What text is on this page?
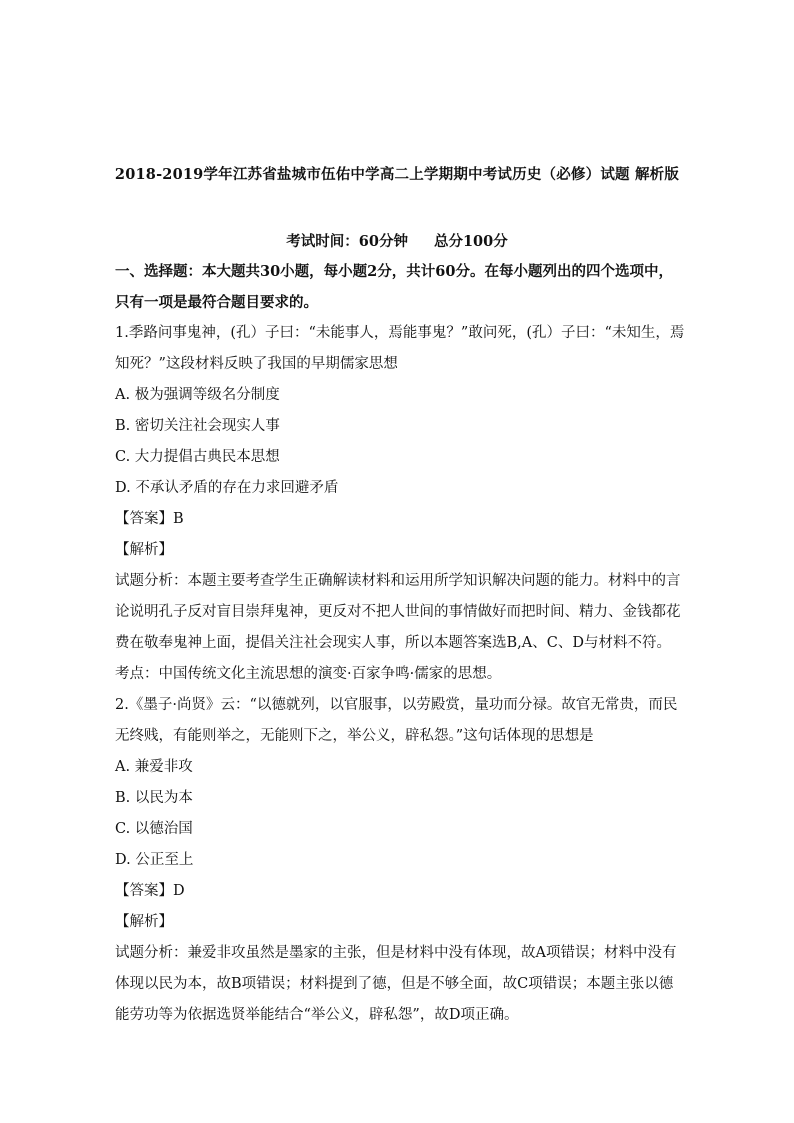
2018-2019学年江苏省盐城市伍佑中学高二上学期期中考试历史（必修）试题 解析版
考试时间：60分钟 总分100分

一、选择题：本大题共30小题，每小题2分，共计60分。在每小题列出的四个选项中，只有一项是最符合题目要求的。

1.季路问事鬼神，(孔）子曰：“未能事人，焉能事鬼？”敢问死，(孔）子曰：“未知生，焉知死？”这段材料反映了我国的早期儒家思想

A. 极为强调等级名分制度

B. 密切关注社会现实人事

C. 大力提倡古典民本思想

D. 不承认矛盾的存在力求回避矛盾

【答案】B

【解析】

试题分析：本题主要考查学生正确解读材料和运用所学知识解决问题的能力。材料中的言论说明孔子反对盲目崇拜鬼神，更反对不把人世间的事情做好而把时间、精力、金钱都花费在敬奉鬼神上面，提倡关注社会现实人事，所以本题答案选B,A、C、D与材料不符。

考点：中国传统文化主流思想的演变·百家争鸣·儒家的思想。

2.《墨子·尚贤》云：“以德就列，以官服事，以劳殿赏，量功而分禄。故官无常贵，而民无终贱，有能则举之，无能则下之，举公义，辟私怨。”这句话体现的思想是

A. 兼爱非攻

B. 以民为本

C. 以德治国

D. 公正至上

【答案】D

【解析】

试题分析：兼爱非攻虽然是墨家的主张，但是材料中没有体现，故A项错误；材料中没有体现以民为本，故B项错误；材料提到了德，但是不够全面，故C项错误；本题主张以德能劳功等为依据选贤举能结合“举公义，辟私怨”，故D项正确。
